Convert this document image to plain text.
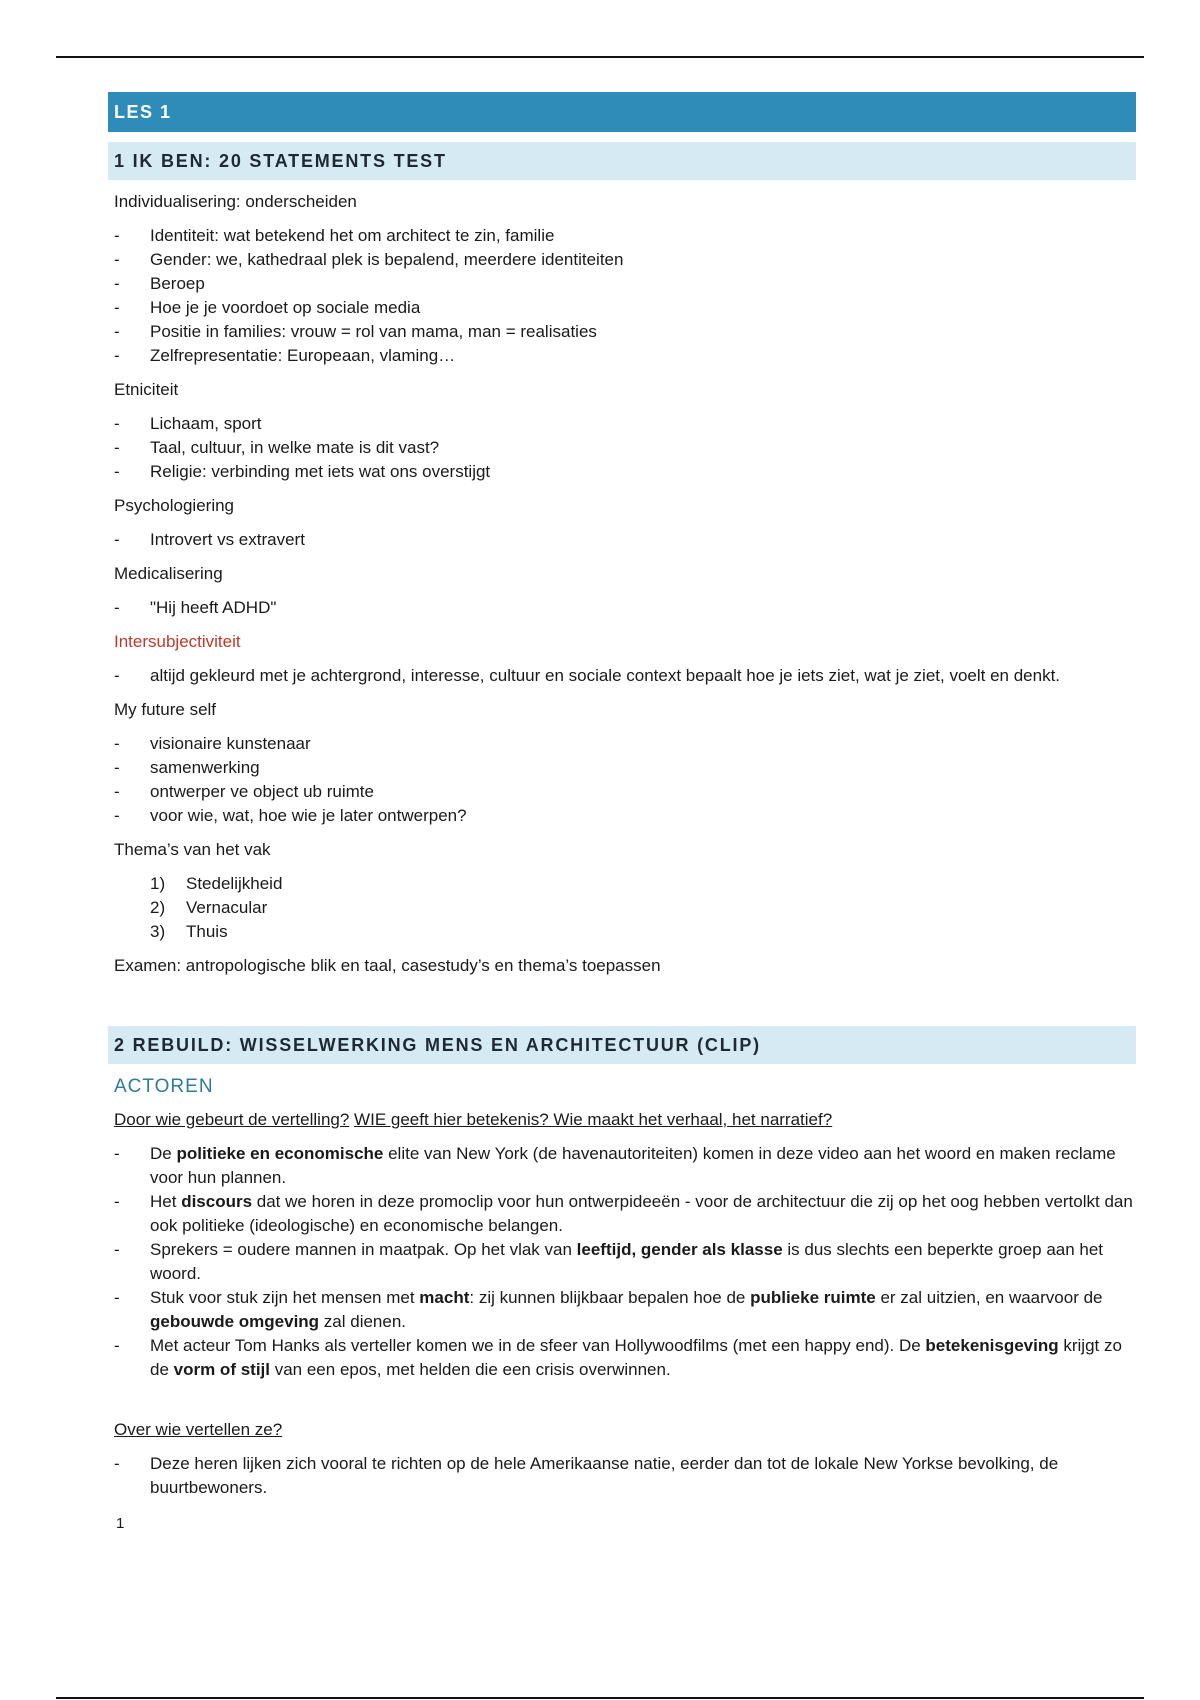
LES 1
1 IK BEN: 20 STATEMENTS TEST
Individualisering: onderscheiden
- Identiteit: wat betekend het om architect te zin, familie
- Gender: we, kathedraal plek is bepalend, meerdere identiteiten
- Beroep
- Hoe je je voordoet op sociale media
- Positie in families: vrouw = rol van mama, man = realisaties
- Zelfrepresentatie: Europeaan, vlaming…
Etniciteit
- Lichaam, sport
- Taal, cultuur, in welke mate is dit vast?
- Religie: verbinding met iets wat ons overstijgt
Psychologiering
- Introvert vs extravert
Medicalisering
- "Hij heeft ADHD"
Intersubjectiviteit
- altijd gekleurd met je achtergrond, interesse, cultuur en sociale context bepaalt hoe je iets ziet, wat je ziet, voelt en denkt.
My future self
- visionaire kunstenaar
- samenwerking
- ontwerper ve object ub ruimte
- voor wie, wat, hoe wie je later ontwerpen?
Thema’s van het vak
1) Stedelijkheid
2) Vernacular
3) Thuis
Examen: antropologische blik en taal, casestudy’s en thema’s toepassen
2 REBUILD: WISSELWERKING MENS EN ARCHITECTUUR (CLIP)
ACTOREN
Door wie gebeurt de vertelling? WIE geeft hier betekenis? Wie maakt het verhaal, het narratief?
- De politieke en economische elite van New York (de havenautoriteiten) komen in deze video aan het woord en maken reclame voor hun plannen.
- Het discours dat we horen in deze promoclip voor hun ontwerpideeën - voor de architectuur die zij op het oog hebben vertolkt dan ook politieke (ideologische) en economische belangen.
- Sprekers = oudere mannen in maatpak. Op het vlak van leeftijd, gender als klasse is dus slechts een beperkte groep aan het woord.
- Stuk voor stuk zijn het mensen met macht: zij kunnen blijkbaar bepalen hoe de publieke ruimte er zal uitzien, en waarvoor de gebouwde omgeving zal dienen.
- Met acteur Tom Hanks als verteller komen we in de sfeer van Hollywoodfilms (met een happy end). De betekenisgeving krijgt zo de vorm of stijl van een epos, met helden die een crisis overwinnen.
Over wie vertellen ze?
- Deze heren lijken zich vooral te richten op de hele Amerikaanse natie, eerder dan tot de lokale New Yorkse bevolking, de buurtbewoners.
1
